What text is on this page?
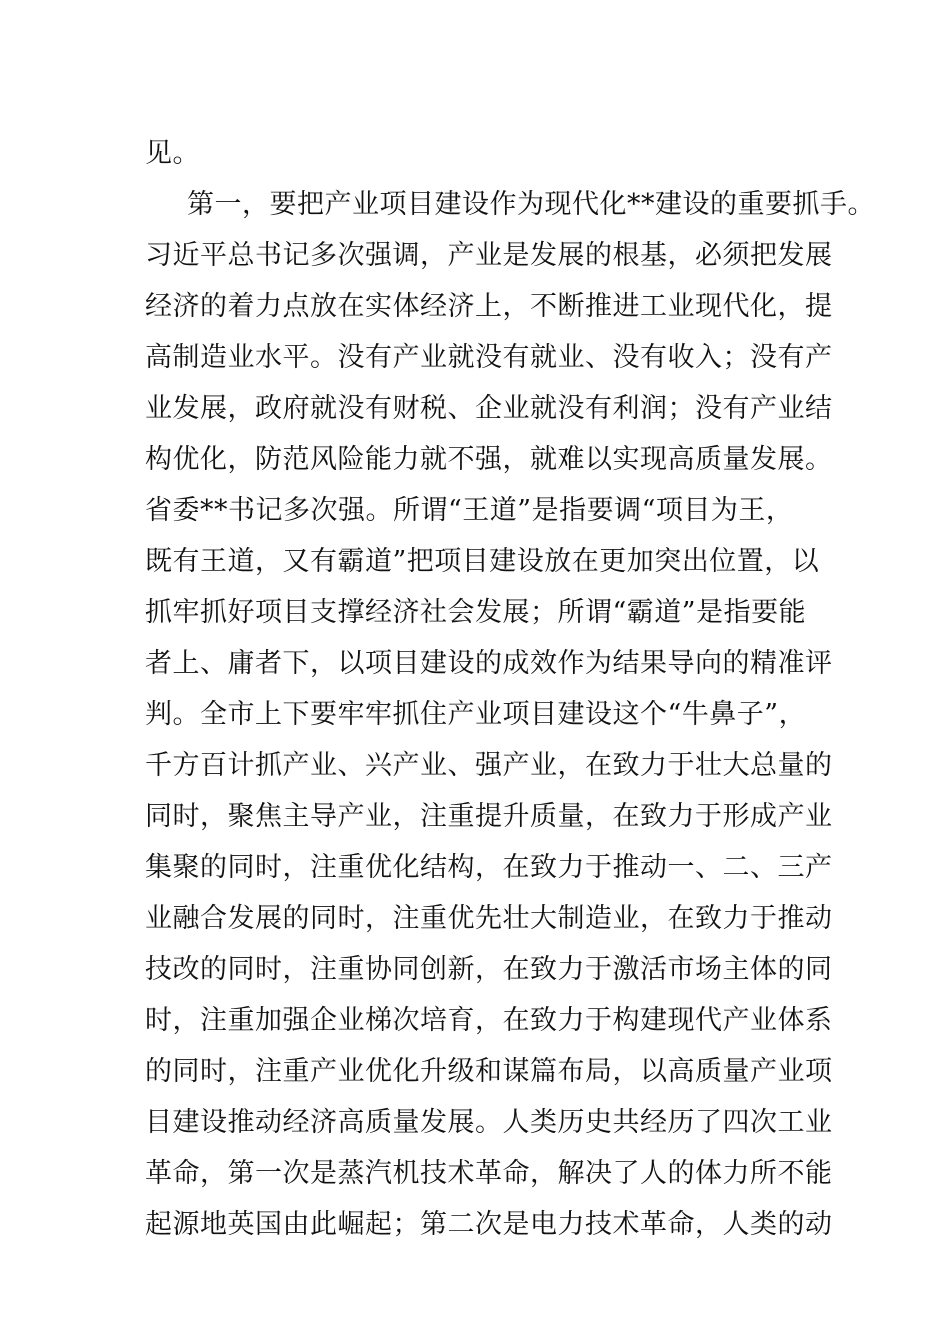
见。
第一，要把产业项目建设作为现代化**建设的重要抓手。
习近平总书记多次强调，产业是发展的根基，必须把发展
经济的着力点放在实体经济上，不断推进工业现代化，提
高制造业水平。没有产业就没有就业、没有收入；没有产
业发展，政府就没有财税、企业就没有利润；没有产业结
构优化，防范风险能力就不强，就难以实现高质量发展。
省委**书记多次强。所谓“王道”是指要调“项目为王，
既有王道，又有霸道”把项目建设放在更加突出位置，以
抓牢抓好项目支撑经济社会发展；所谓“霸道”是指要能
者上、庸者下，以项目建设的成效作为结果导向的精准评
判。全市上下要牢牢抓住产业项目建设这个“牛鼻子”，
千方百计抓产业、兴产业、强产业，在致力于壮大总量的
同时，聚焦主导产业，注重提升质量，在致力于形成产业
集聚的同时，注重优化结构，在致力于推动一、二、三产
业融合发展的同时，注重优先壮大制造业，在致力于推动
技改的同时，注重协同创新，在致力于激活市场主体的同
时，注重加强企业梯次培育，在致力于构建现代产业体系
的同时，注重产业优化升级和谋篇布局，以高质量产业项
目建设推动经济高质量发展。人类历史共经历了四次工业
革命，第一次是蒸汽机技术革命，解决了人的体力所不能
起源地英国由此崛起；第二次是电力技术革命，人类的动
